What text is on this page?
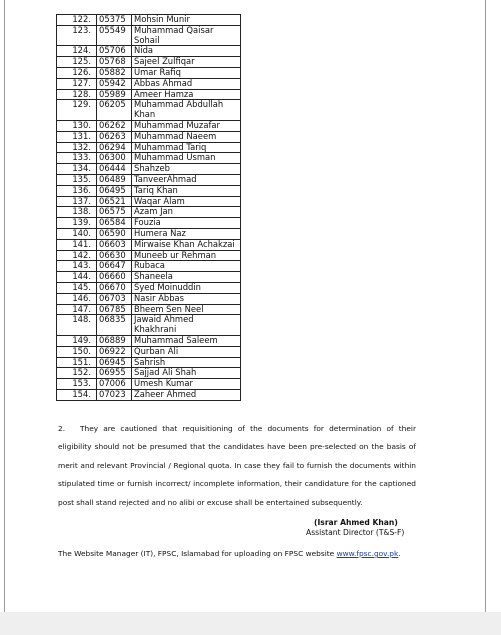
122.	05375	Mohsin Munir
123.	05549	Muhammad Qaisar Sohail
124.	05706	Nida
125.	05768	Sajeel Zulfiqar
126.	05882	Umar Rafiq
127.	05942	Abbas Ahmad
128.	05989	Ameer Hamza
129.	06205	Muhammad Abdullah Khan
130.	06262	Muhammad Muzafar
131.	06263	Muhammad Naeem
132.	06294	Muhammad Tariq
133.	06300	Muhammad Usman
134.	06444	Shahzeb
135.	06489	TanveerAhmad
136.	06495	Tariq Khan
137.	06521	Waqar Alam
138.	06575	Azam Jan
139.	06584	Fouzia
140.	06590	Humera Naz
141.	06603	Mirwaise Khan Achakzai
142.	06630	Muneeb ur Rehman
143.	06647	Rubaca
144.	06660	Shaneela
145.	06670	Syed Moinuddin
146.	06703	Nasir Abbas
147.	06785	Bheem Sen Neel
148.	06835	Jawaid Ahmed Khakhrani
149.	06889	Muhammad Saleem
150.	06922	Qurban Ali
151.	06945	Sahrish
152.	06955	Sajjad Ali Shah
153.	07006	Umesh Kumar
154.	07023	Zaheer Ahmed
2. They are cautioned that requisitioning of the documents for determination of their eligibility should not be presumed that the candidates have been pre-selected on the basis of merit and relevant Provincial / Regional quota. In case they fail to furnish the documents within stipulated time or furnish incorrect/ incomplete information, their candidature for the captioned post shall stand rejected and no alibi or excuse shall be entertained subsequently.
(Israr Ahmed Khan)
Assistant Director (T&S-F)
The Website Manager (IT), FPSC, Islamabad for uploading on FPSC website www.fpsc.gov.pk.
